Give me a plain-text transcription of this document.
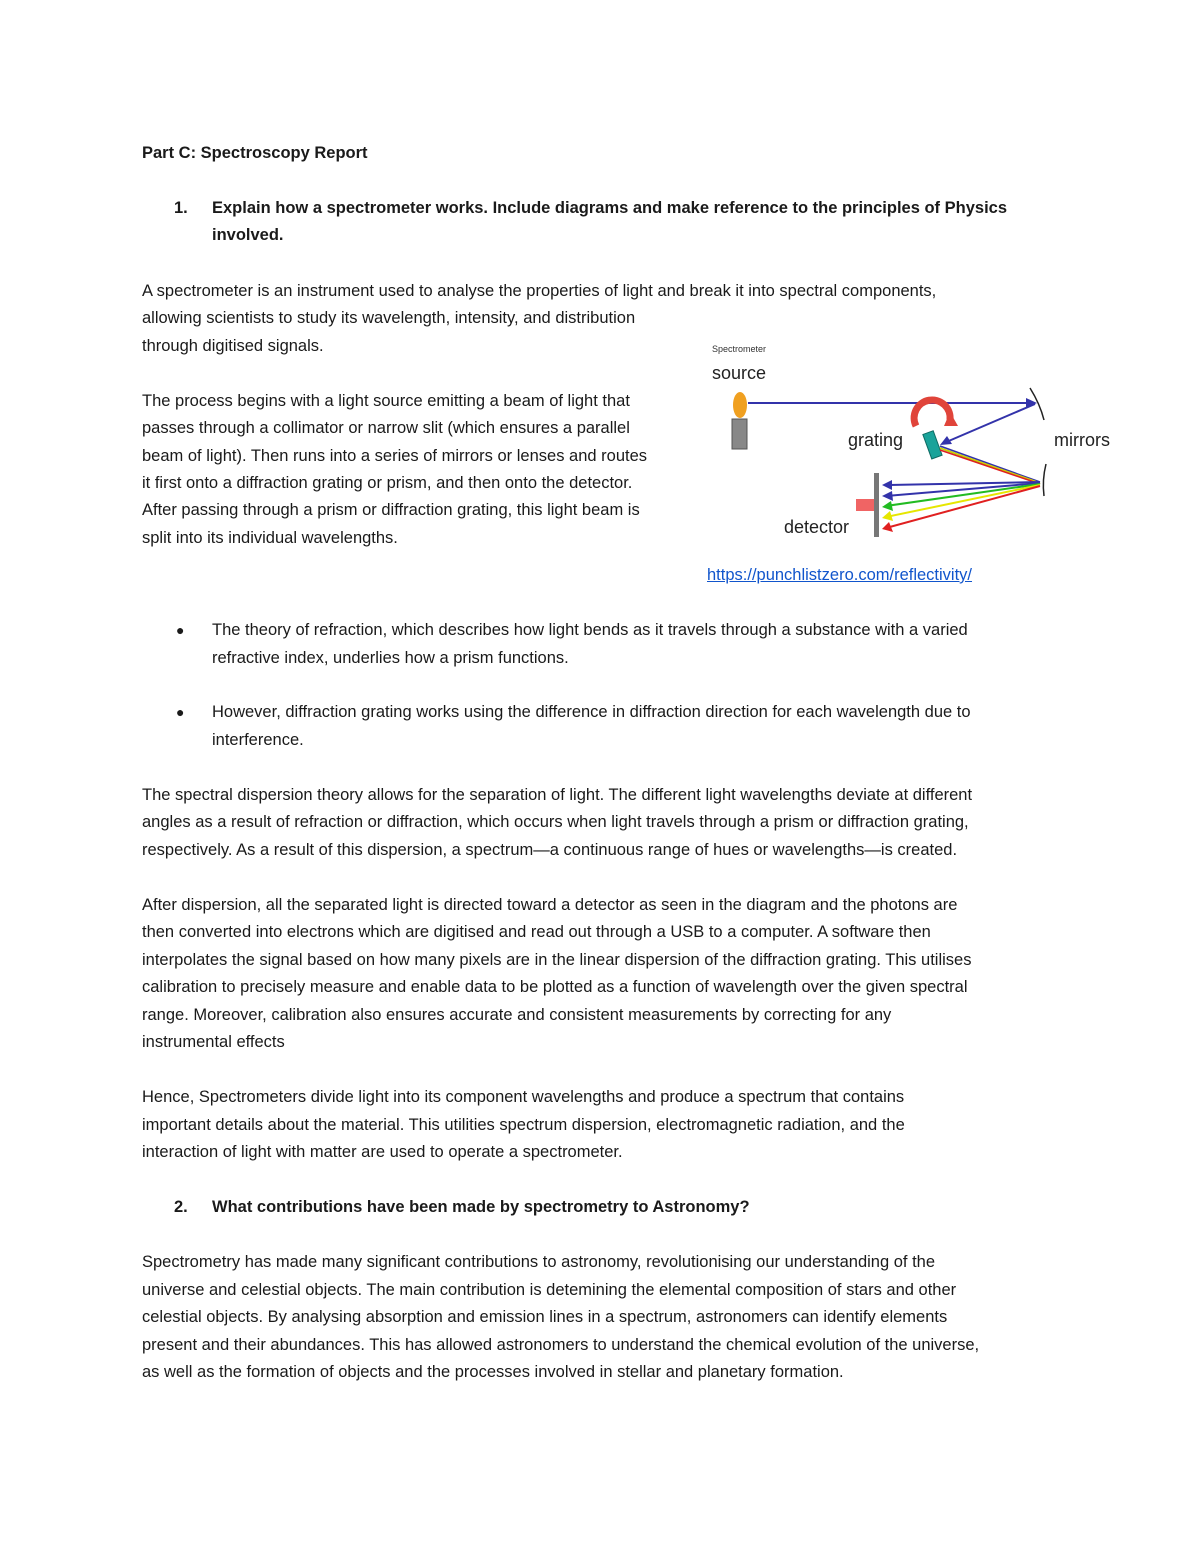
Part C: Spectroscopy Report
1.	Explain how a spectrometer works. Include diagrams and make reference to the principles of Physics
involved.
A spectrometer is an instrument used to analyse the properties of light and break it into spectral components,
allowing scientists to study its wavelength, intensity, and distribution
through digitised signals.
The process begins with a light source emitting a beam of light that
passes through a collimator or narrow slit (which ensures a parallel
beam of light). Then runs into a series of mirrors or lenses and routes
it first onto a diffraction grating or prism, and then onto the detector.
After passing through a prism or diffraction grating, this light beam is
split into its individual wavelengths.
Spectrometer
source
grating	mirrors
detector
https://punchlistzero.com/reflectivity/
● The theory of refraction, which describes how light bends as it travels through a substance with a varied
refractive index, underlies how a prism functions.
● However, diffraction grating works using the difference in diffraction direction for each wavelength due to
interference.
The spectral dispersion theory allows for the separation of light. The different light wavelengths deviate at different
angles as a result of refraction or diffraction, which occurs when light travels through a prism or diffraction grating,
respectively. As a result of this dispersion, a spectrum—a continuous range of hues or wavelengths—is created.
After dispersion, all the separated light is directed toward a detector as seen in the diagram and the photons are
then converted into electrons which are digitised and read out through a USB to a computer. A software then
interpolates the signal based on how many pixels are in the linear dispersion of the diffraction grating. This utilises
calibration to precisely measure and enable data to be plotted as a function of wavelength over the given spectral
range. Moreover, calibration also ensures accurate and consistent measurements by correcting for any
instrumental effects
Hence, Spectrometers divide light into its component wavelengths and produce a spectrum that contains
important details about the material. This utilities spectrum dispersion, electromagnetic radiation, and the
interaction of light with matter are used to operate a spectrometer.
2.	What contributions have been made by spectrometry to Astronomy?
Spectrometry has made many significant contributions to astronomy, revolutionising our understanding of the
universe and celestial objects. The main contribution is detemining the elemental composition of stars and other
celestial objects. By analysing absorption and emission lines in a spectrum, astronomers can identify elements
present and their abundances. This has allowed astronomers to understand the chemical evolution of the universe,
as well as the formation of objects and the processes involved in stellar and planetary formation.
